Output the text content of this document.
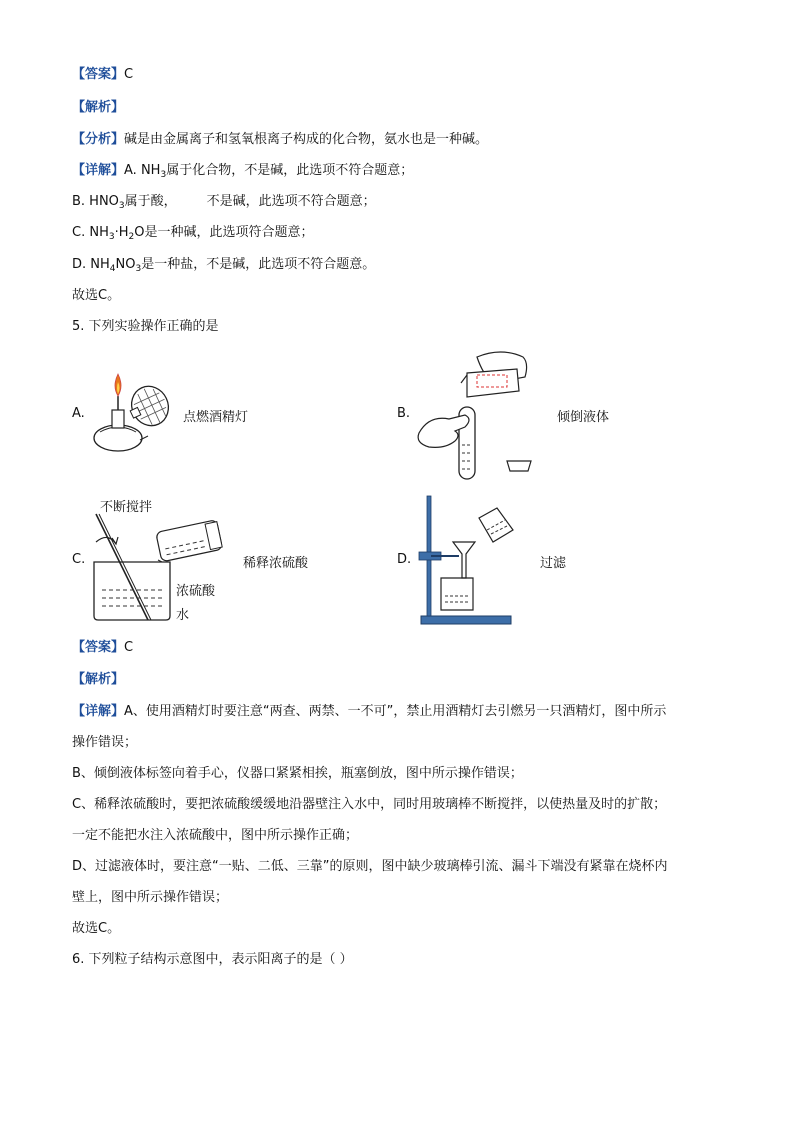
【答案】C
【解析】
【分析】碱是由金属离子和氢氧根离子构成的化合物，氨水也是一种碱。
【详解】A. $NH_3$属于化合物，不是碱，此选项不符合题意；
B. $HNO_3$属于酸， 不是碱，此选项不符合题意；
C. $NH_3\cdot H_2O$是一种碱，此选项符合题意；
D. $NH_4NO_3$是一种盐，不是碱，此选项不符合题意。
故选C。
5. 下列实验操作正确的是
A.	点燃酒精灯	B.	倾倒液体
C.
不断搅拌
浓硫酸
水
稀释浓硫酸	D.	过滤
【答案】C
【解析】
【详解】A、使用酒精灯时要注意“两查、两禁、一不可”，禁止用酒精灯去引燃另一只酒精灯，图中所示
操作错误；
B、倾倒液体标签向着手心，仪器口紧紧相挨，瓶塞倒放，图中所示操作错误；
C、稀释浓硫酸时，要把浓硫酸缓缓地沿器壁注入水中，同时用玻璃棒不断搅拌，以使热量及时的扩散；
一定不能把水注入浓硫酸中，图中所示操作正确；
D、过滤液体时，要注意“一贴、二低、三靠”的原则，图中缺少玻璃棒引流、漏斗下端没有紧靠在烧杯内
壁上，图中所示操作错误；
故选C。
6. 下列粒子结构示意图中，表示阳离子的是（ ）
